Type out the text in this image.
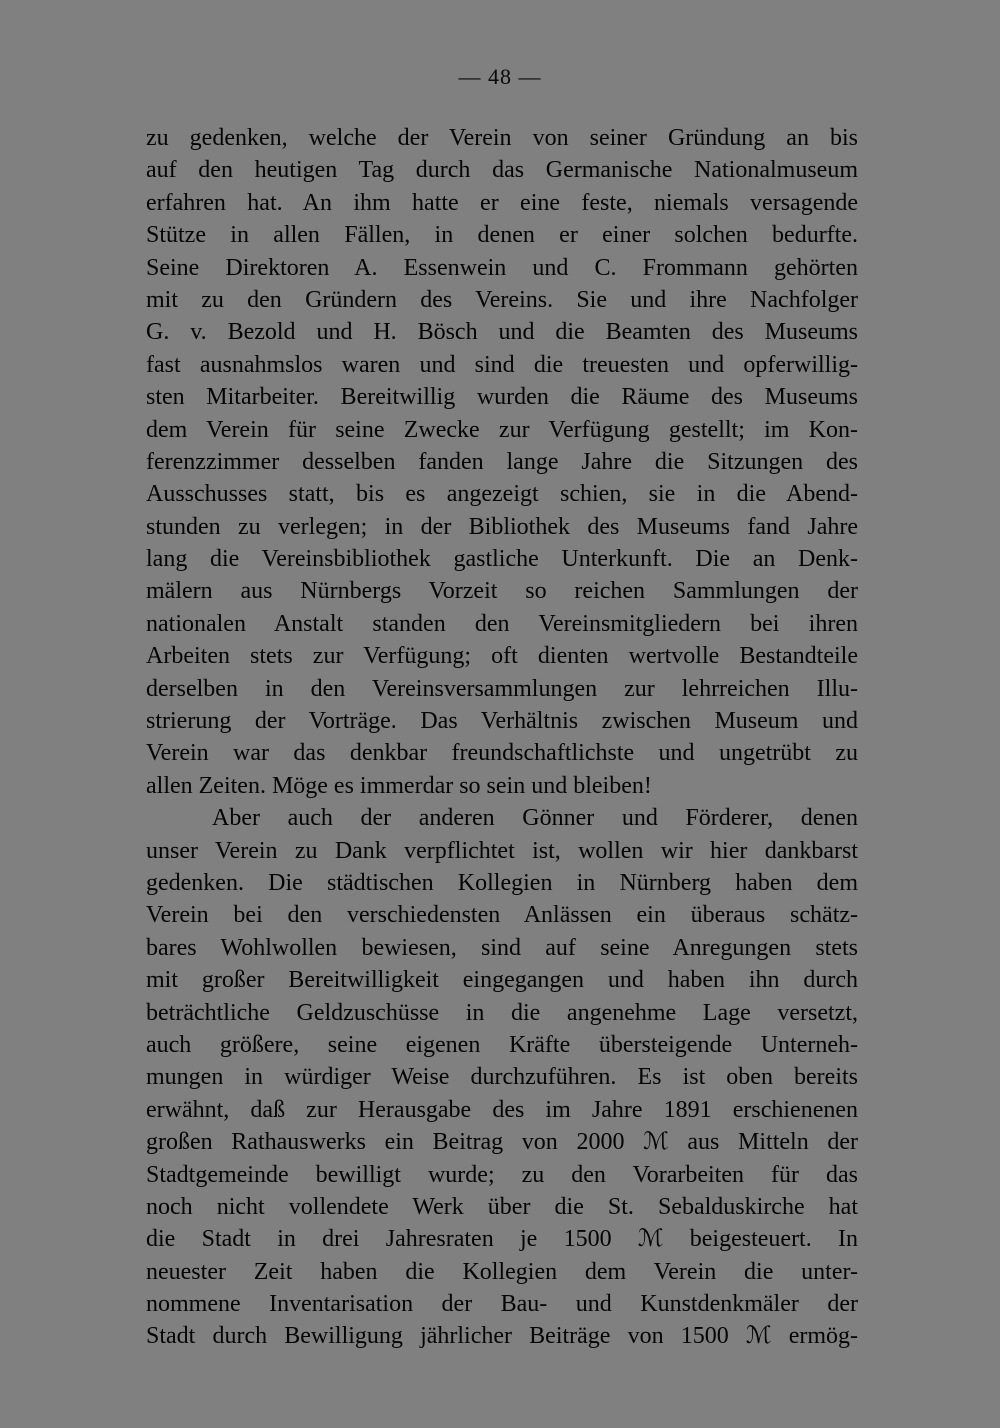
— 48 —
zu gedenken, welche der Verein von seiner Gründung an bis
auf den heutigen Tag durch das Germanische Nationalmuseum
erfahren hat. An ihm hatte er eine feste, niemals versagende
Stütze in allen Fällen, in denen er einer solchen bedurfte.
Seine Direktoren A. Essenwein und C. Frommann gehörten
mit zu den Gründern des Vereins. Sie und ihre Nachfolger
G. v. Bezold und H. Bösch und die Beamten des Museums
fast ausnahmslos waren und sind die treuesten und opferwillig-
sten Mitarbeiter. Bereitwillig wurden die Räume des Museums
dem Verein für seine Zwecke zur Verfügung gestellt; im Kon-
ferenzzimmer desselben fanden lange Jahre die Sitzungen des
Ausschusses statt, bis es angezeigt schien, sie in die Abend-
stunden zu verlegen; in der Bibliothek des Museums fand Jahre
lang die Vereinsbibliothek gastliche Unterkunft. Die an Denk-
mälern aus Nürnbergs Vorzeit so reichen Sammlungen der
nationalen Anstalt standen den Vereinsmitgliedern bei ihren
Arbeiten stets zur Verfügung; oft dienten wertvolle Bestandteile
derselben in den Vereinsversammlungen zur lehrreichen Illu-
strierung der Vorträge. Das Verhältnis zwischen Museum und
Verein war das denkbar freundschaftlichste und ungetrübt zu
allen Zeiten. Möge es immerdar so sein und bleiben!
Aber auch der anderen Gönner und Förderer, denen
unser Verein zu Dank verpflichtet ist, wollen wir hier dankbarst
gedenken. Die städtischen Kollegien in Nürnberg haben dem
Verein bei den verschiedensten Anlässen ein überaus schätz-
bares Wohlwollen bewiesen, sind auf seine Anregungen stets
mit großer Bereitwilligkeit eingegangen und haben ihn durch
beträchtliche Geldzuschüsse in die angenehme Lage versetzt,
auch größere, seine eigenen Kräfte übersteigende Unterneh-
mungen in würdiger Weise durchzuführen. Es ist oben bereits
erwähnt, daß zur Herausgabe des im Jahre 1891 erschienenen
großen Rathauswerks ein Beitrag von 2000 ℳ aus Mitteln der
Stadtgemeinde bewilligt wurde; zu den Vorarbeiten für das
noch nicht vollendete Werk über die St. Sebalduskirche hat
die Stadt in drei Jahresraten je 1500 ℳ beigesteuert. In
neuester Zeit haben die Kollegien dem Verein die unter-
nommene Inventarisation der Bau- und Kunstdenkmäler der
Stadt durch Bewilligung jährlicher Beiträge von 1500 ℳ ermög-
